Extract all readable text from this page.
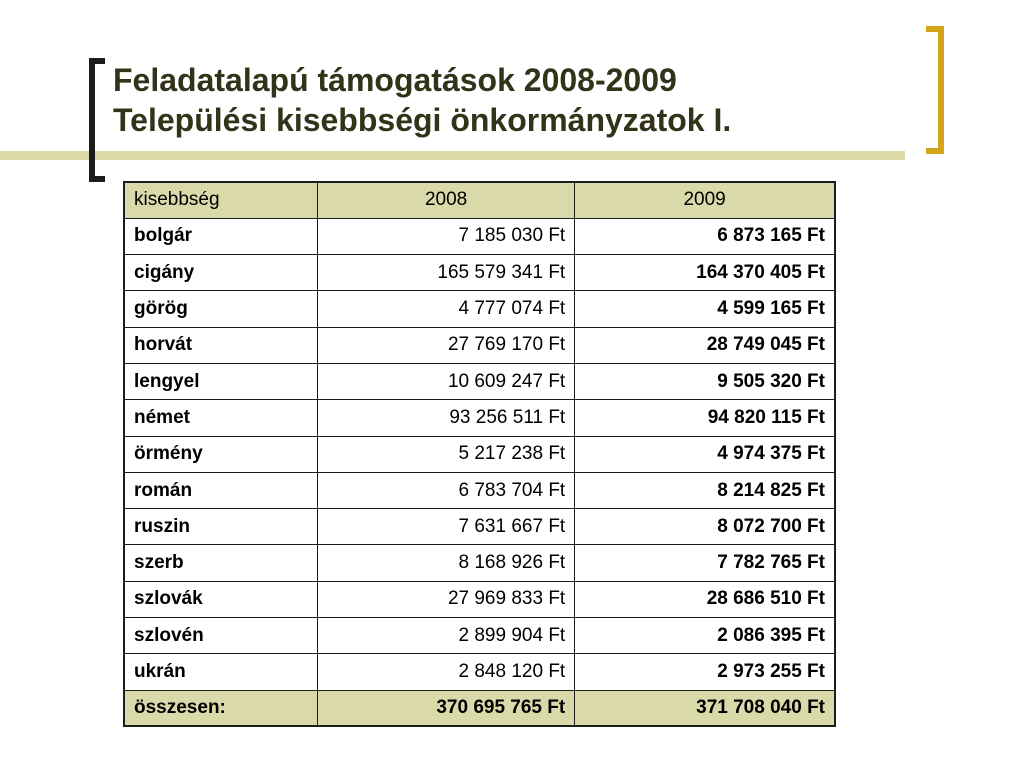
Feladatalapú támogatások 2008-2009
Települési kisebbségi önkormányzatok I.
kisebbség	2008	2009
bolgár	7 185 030 Ft	6 873 165 Ft
cigány	165 579 341 Ft	164 370 405 Ft
görög	4 777 074 Ft	4 599 165 Ft
horvát	27 769 170 Ft	28 749 045 Ft
lengyel	10 609 247 Ft	9 505 320 Ft
német	93 256 511 Ft	94 820 115 Ft
örmény	5 217 238 Ft	4 974 375 Ft
román	6 783 704 Ft	8 214 825 Ft
ruszin	7 631 667 Ft	8 072 700 Ft
szerb	8 168 926 Ft	7 782 765 Ft
szlovák	27 969 833 Ft	28 686 510 Ft
szlovén	2 899 904 Ft	2 086 395 Ft
ukrán	2 848 120 Ft	2 973 255 Ft
összesen:	370 695 765 Ft	371 708 040 Ft
